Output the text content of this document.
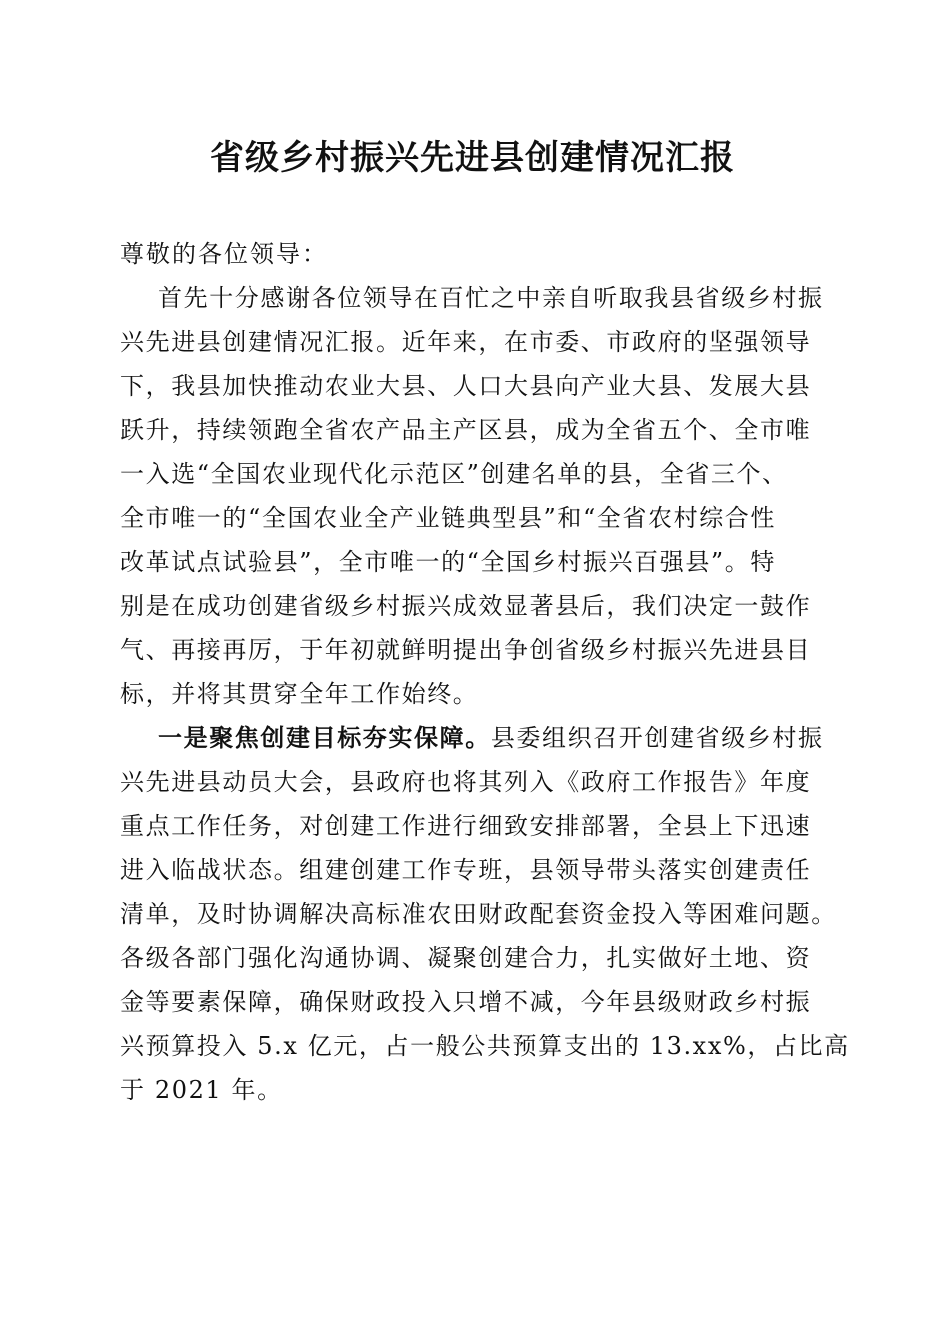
省级乡村振兴先进县创建情况汇报
尊敬的各位领导：
首先十分感谢各位领导在百忙之中亲自听取我县省级乡村振
兴先进县创建情况汇报。近年来，在市委、市政府的坚强领导
下，我县加快推动农业大县、人口大县向产业大县、发展大县
跃升，持续领跑全省农产品主产区县，成为全省五个、全市唯
一入选“全国农业现代化示范区”创建名单的县，全省三个、
全市唯一的“全国农业全产业链典型县”和“全省农村综合性
改革试点试验县”，全市唯一的“全国乡村振兴百强县”。特
别是在成功创建省级乡村振兴成效显著县后，我们决定一鼓作
气、再接再厉，于年初就鲜明提出争创省级乡村振兴先进县目
标，并将其贯穿全年工作始终。
一是聚焦创建目标夯实保障。县委组织召开创建省级乡村振
兴先进县动员大会，县政府也将其列入《政府工作报告》年度
重点工作任务，对创建工作进行细致安排部署，全县上下迅速
进入临战状态。组建创建工作专班，县领导带头落实创建责任
清单，及时协调解决高标准农田财政配套资金投入等困难问题。
各级各部门强化沟通协调、凝聚创建合力，扎实做好土地、资
金等要素保障，确保财政投入只增不减，今年县级财政乡村振
兴预算投入 5.x 亿元，占一般公共预算支出的 13.xx%，占比高
于 2021 年。
